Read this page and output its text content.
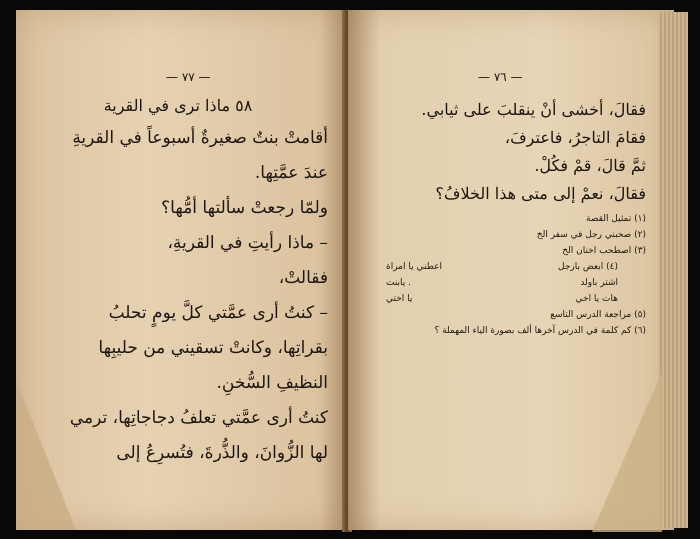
— ٧٧ —
٥٨ ماذا ترى في القرية
أقامتْ بنتٌ صغيرةٌ أسبوعاً في القريةِ
عندَ عمَّتِها.
ولمّا رجعتْ سألتها أمُّها؟
– ماذا رأيتِ في القريةِ،
فقالتْ،
– كنتُ أرى عمَّتي كلَّ يومٍ تحلبُ
بقراتِها، وكانتْ تسقيني من حليبِها
النظيفِ السُّخنِ.
كنتُ أرى عمَّتي تعلفُ دجاجاتِها، ترمي
لها الزُّوانَ، والذُّرةَ، فتُسرِعُ إلى
— ٧٦ —
فقالَ، أخشى أنْ ينقلبَ على ثيابي.
فقامَ التاجرُ، فاعترفَ،
ثمَّ قالَ، قمْ فكُلْ.
فقالَ، نعمْ إلى متى هذا الخلافُ؟
(١) تمثيل القصة
(٢) صحبني رجل في سفر الخ
(٣) اصطحب اخنان الخ
(٤) ابعض بارجل
اعطني يا امراة
اشتر باولد
. يابنت
هات يا اخي
يا اختي
(٥) مراجعة الدرس التاسع
(٦) كم كلمة في الدرس آخرها ألف بصورة الياء المهملة ؟
